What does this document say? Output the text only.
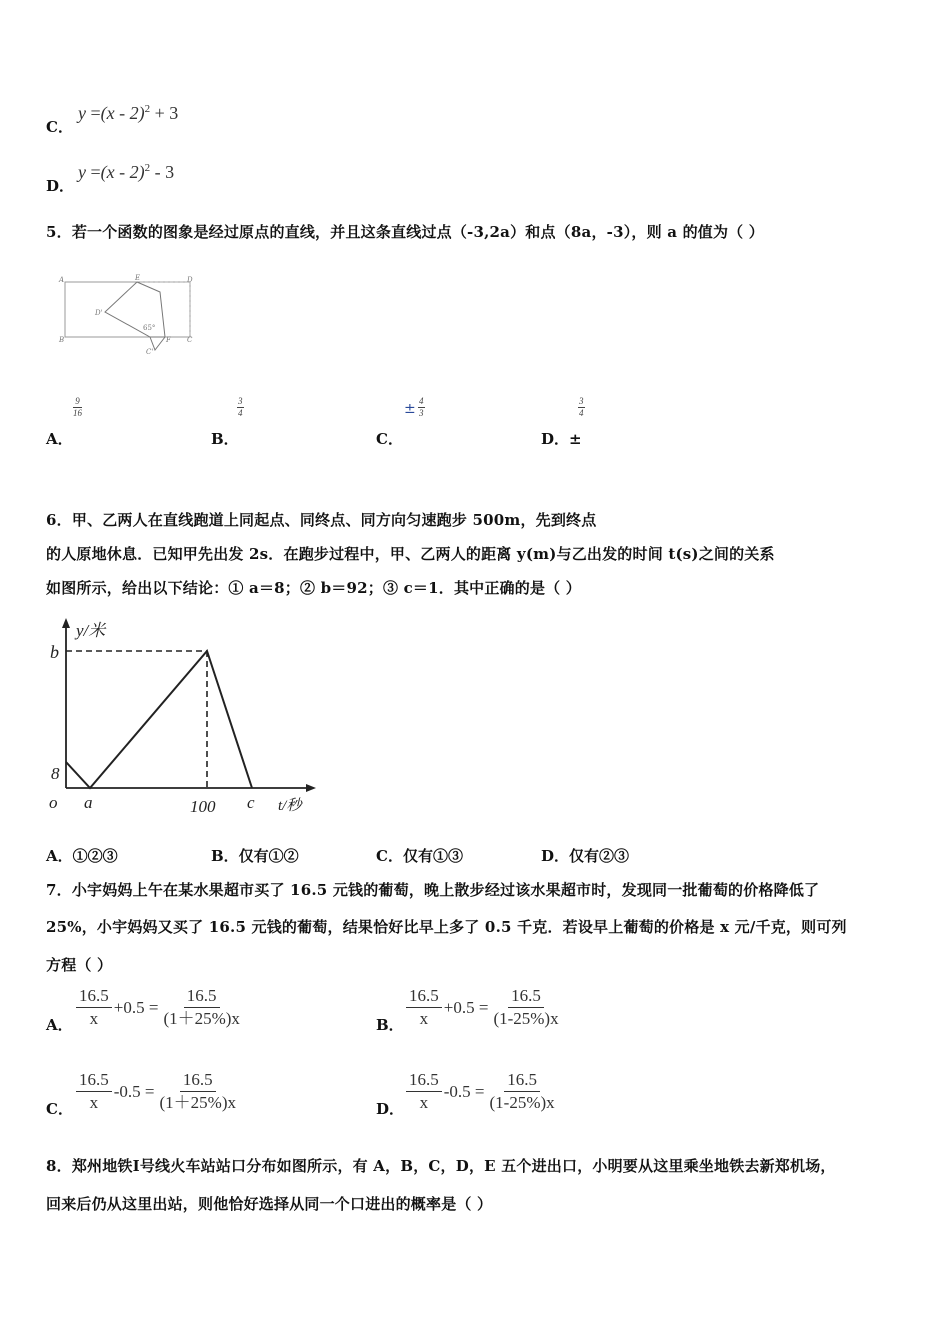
C．
y =(x - 2)$^2$ + 3
D．
y =(x - 2)$^2$ - 3
5．若一个函数的图象是经过原点的直线，并且这条直线过点（-3,2a）和点（8a，-3），则 a 的值为（ ）
A	E	D
D'
B
C'
F C
65°
$\frac{9}{16}$
A．
$\frac{3}{4}$
B．
± $\frac{4}{3}$
C．
$\frac{3}{4}$
D．±
6．甲、乙两人在直线跑道上同起点、同终点、同方向匀速跑步 500m，先到终点
的人原地休息．已知甲先出发 2s．在跑步过程中，甲、乙两人的距离 y(m)与乙出发的时间 t(s)之间的关系
如图所示，给出以下结论：① a＝8；② b＝92；③ c＝1．其中正确的是（ ）
y/米
b
8
o a	100 c t/秒
A．①②③	B．仅有①②	C．仅有①③	D．仅有②③
7．小宇妈妈上午在某水果超市买了 16.5 元钱的葡萄，晚上散步经过该水果超市时，发现同一批葡萄的价格降低了
25%，小宇妈妈又买了 16.5 元钱的葡萄，结果恰好比早上多了 0.5 千克．若设早上葡萄的价格是 x 元/千克，则可列
方程（ ）
A． $\frac{16.5}{x} +0.5 = \frac{16.5}{(1+25\%)x}$	B． $\frac{16.5}{x} +0.5 = \frac{16.5}{(1-25\%)x}$
C． $\frac{16.5}{x} -0.5 = \frac{16.5}{(1+25\%)x}$	D． $\frac{16.5}{x} -0.5 = \frac{16.5}{(1-25\%)x}$
8．郑州地铁Ⅰ号线火车站站口分布如图所示，有 A，B，C，D，E 五个进出口，小明要从这里乘坐地铁去新郑机场，
回来后仍从这里出站，则他恰好选择从同一个口进出的概率是（ ）
